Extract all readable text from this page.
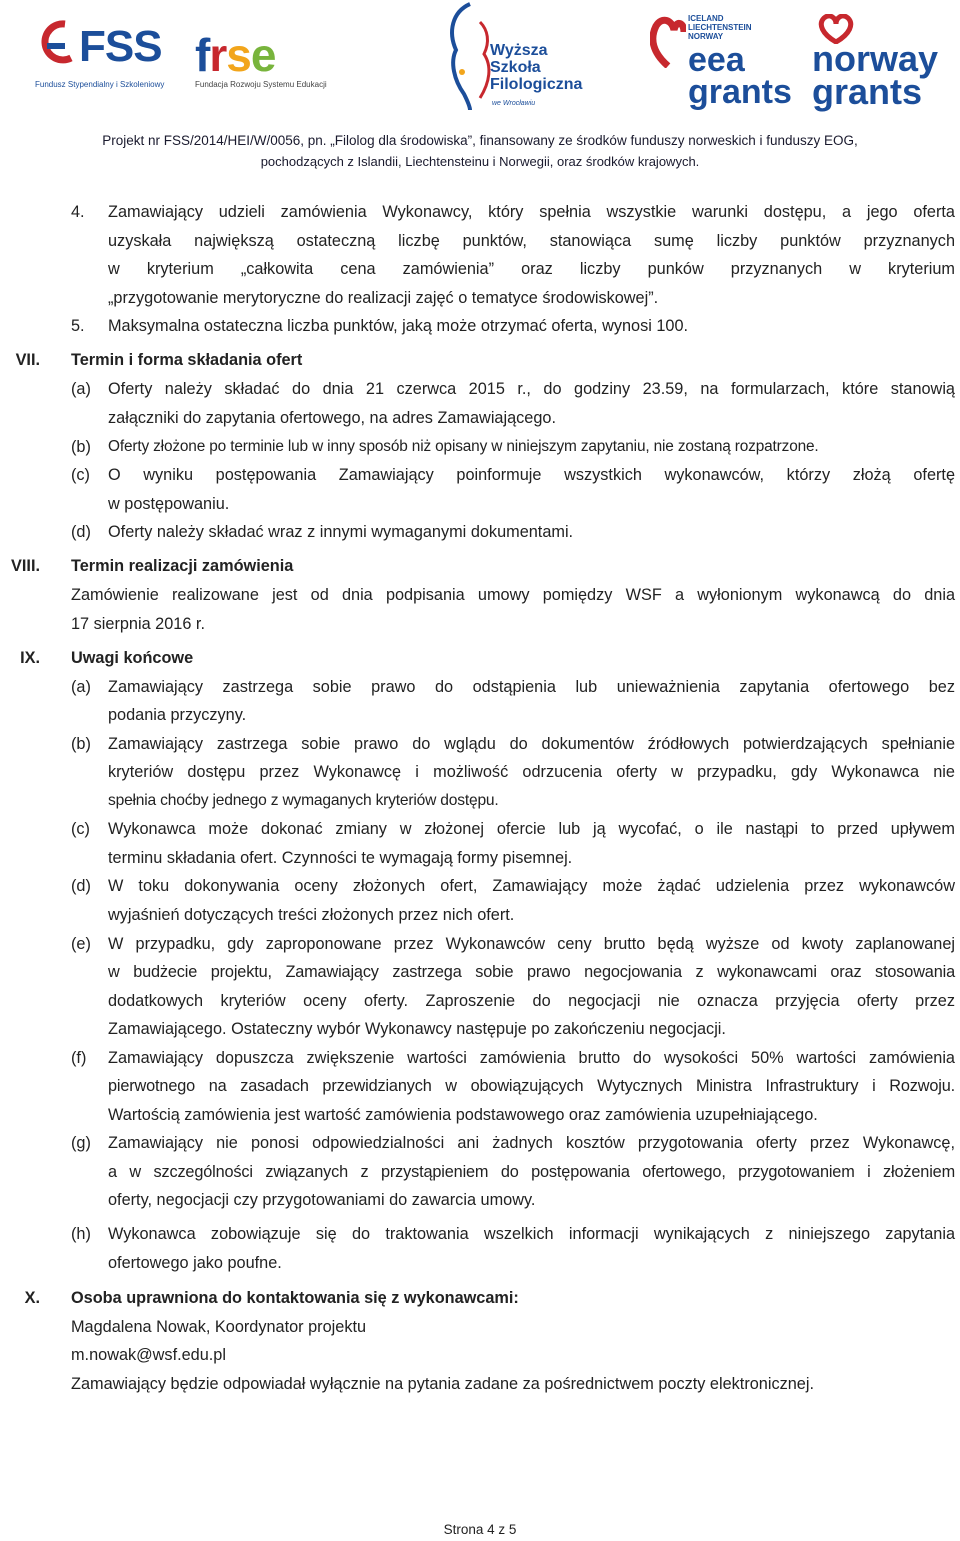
FSS
Fundusz Stypendialny i Szkoleniowy
frse
Fundacja Rozwoju Systemu Edukacji
Wyższa Szkoła Filologiczna
we Wrocławiu
ICELAND LIECHTENSTEIN NORWAY
eea grants
norway grants
Projekt nr FSS/2014/HEI/W/0056, pn. „Filolog dla środowiska”, finansowany ze środków funduszy norweskich i funduszy EOG,
pochodzących z Islandii, Liechtensteinu i Norwegii, oraz środków krajowych.
4. Zamawiający udzieli zamówienia Wykonawcy, który spełnia wszystkie warunki dostępu, a jego oferta
uzyskała największą ostateczną liczbę punktów, stanowiąca sumę liczby punktów przyznanych
w kryterium „całkowita cena zamówienia” oraz liczby punków przyznanych w kryterium
„przygotowanie merytoryczne do realizacji zajęć o tematyce środowiskowej”.
5. Maksymalna ostateczna liczba punktów, jaką może otrzymać oferta, wynosi 100.
VII. Termin i forma składania ofert
(a) Oferty należy składać do dnia 21 czerwca 2015 r., do godziny 23.59, na formularzach, które stanowią
załączniki do zapytania ofertowego, na adres Zamawiającego.
(b) Oferty złożone po terminie lub w inny sposób niż opisany w niniejszym zapytaniu, nie zostaną rozpatrzone.
(c) O wyniku postępowania Zamawiający poinformuje wszystkich wykonawców, którzy złożą ofertę
w postępowaniu.
(d) Oferty należy składać wraz z innymi wymaganymi dokumentami.
VIII. Termin realizacji zamówienia
Zamówienie realizowane jest od dnia podpisania umowy pomiędzy WSF a wyłonionym wykonawcą do dnia
17 sierpnia 2016 r.
IX. Uwagi końcowe
(a) Zamawiający zastrzega sobie prawo do odstąpienia lub unieważnienia zapytania ofertowego bez
podania przyczyny.
(b) Zamawiający zastrzega sobie prawo do wglądu do dokumentów źródłowych potwierdzających spełnianie
kryteriów dostępu przez Wykonawcę i możliwość odrzucenia oferty w przypadku, gdy Wykonawca nie
spełnia choćby jednego z wymaganych kryteriów dostępu.
(c) Wykonawca może dokonać zmiany w złożonej ofercie lub ją wycofać, o ile nastąpi to przed upływem
terminu składania ofert. Czynności te wymagają formy pisemnej.
(d) W toku dokonywania oceny złożonych ofert, Zamawiający może żądać udzielenia przez wykonawców
wyjaśnień dotyczących treści złożonych przez nich ofert.
(e) W przypadku, gdy zaproponowane przez Wykonawców ceny brutto będą wyższe od kwoty zaplanowanej
w budżecie projektu, Zamawiający zastrzega sobie prawo negocjowania z wykonawcami oraz stosowania
dodatkowych kryteriów oceny oferty. Zaproszenie do negocjacji nie oznacza przyjęcia oferty przez
Zamawiającego. Ostateczny wybór Wykonawcy następuje po zakończeniu negocjacji.
(f) Zamawiający dopuszcza zwiększenie wartości zamówienia brutto do wysokości 50% wartości zamówienia
pierwotnego na zasadach przewidzianych w obowiązujących Wytycznych Ministra Infrastruktury i Rozwoju.
Wartością zamówienia jest wartość zamówienia podstawowego oraz zamówienia uzupełniającego.
(g) Zamawiający nie ponosi odpowiedzialności ani żadnych kosztów przygotowania oferty przez Wykonawcę,
a w szczególności związanych z przystąpieniem do postępowania ofertowego, przygotowaniem i złożeniem
oferty, negocjacji czy przygotowaniami do zawarcia umowy.
(h) Wykonawca zobowiązuje się do traktowania wszelkich informacji wynikających z niniejszego zapytania
ofertowego jako poufne.
X. Osoba uprawniona do kontaktowania się z wykonawcami:
Magdalena Nowak, Koordynator projektu
m.nowak@wsf.edu.pl
Zamawiający będzie odpowiadał wyłącznie na pytania zadane za pośrednictwem poczty elektronicznej.
Strona 4 z 5
